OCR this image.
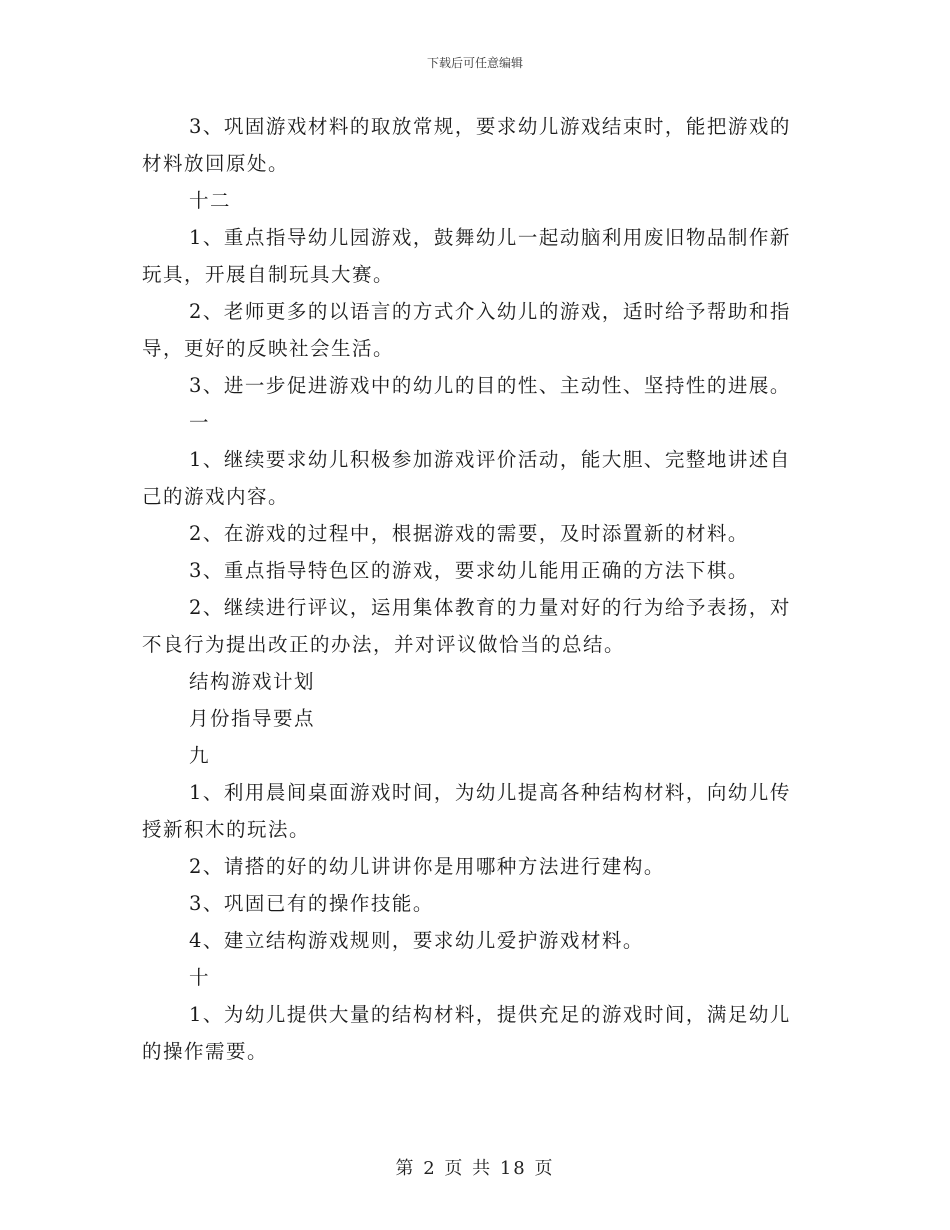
下载后可任意编辑

3、巩固游戏材料的取放常规，要求幼儿游戏结束时，能把游戏的材料放回原处。

十二

1、重点指导幼儿园游戏，鼓舞幼儿一起动脑利用废旧物品制作新玩具，开展自制玩具大赛。

2、老师更多的以语言的方式介入幼儿的游戏，适时给予帮助和指导，更好的反映社会生活。

3、进一步促进游戏中的幼儿的目的性、主动性、坚持性的进展。

一

1、继续要求幼儿积极参加游戏评价活动，能大胆、完整地讲述自己的游戏内容。

2、在游戏的过程中，根据游戏的需要，及时添置新的材料。

3、重点指导特色区的游戏，要求幼儿能用正确的方法下棋。

2、继续进行评议，运用集体教育的力量对好的行为给予表扬，对不良行为提出改正的办法，并对评议做恰当的总结。

结构游戏计划

月份指导要点

九

1、利用晨间桌面游戏时间，为幼儿提高各种结构材料，向幼儿传授新积木的玩法。

2、请搭的好的幼儿讲讲你是用哪种方法进行建构。

3、巩固已有的操作技能。

4、建立结构游戏规则，要求幼儿爱护游戏材料。

十

1、为幼儿提供大量的结构材料，提供充足的游戏时间，满足幼儿的操作需要。

第 2 页 共 18 页
